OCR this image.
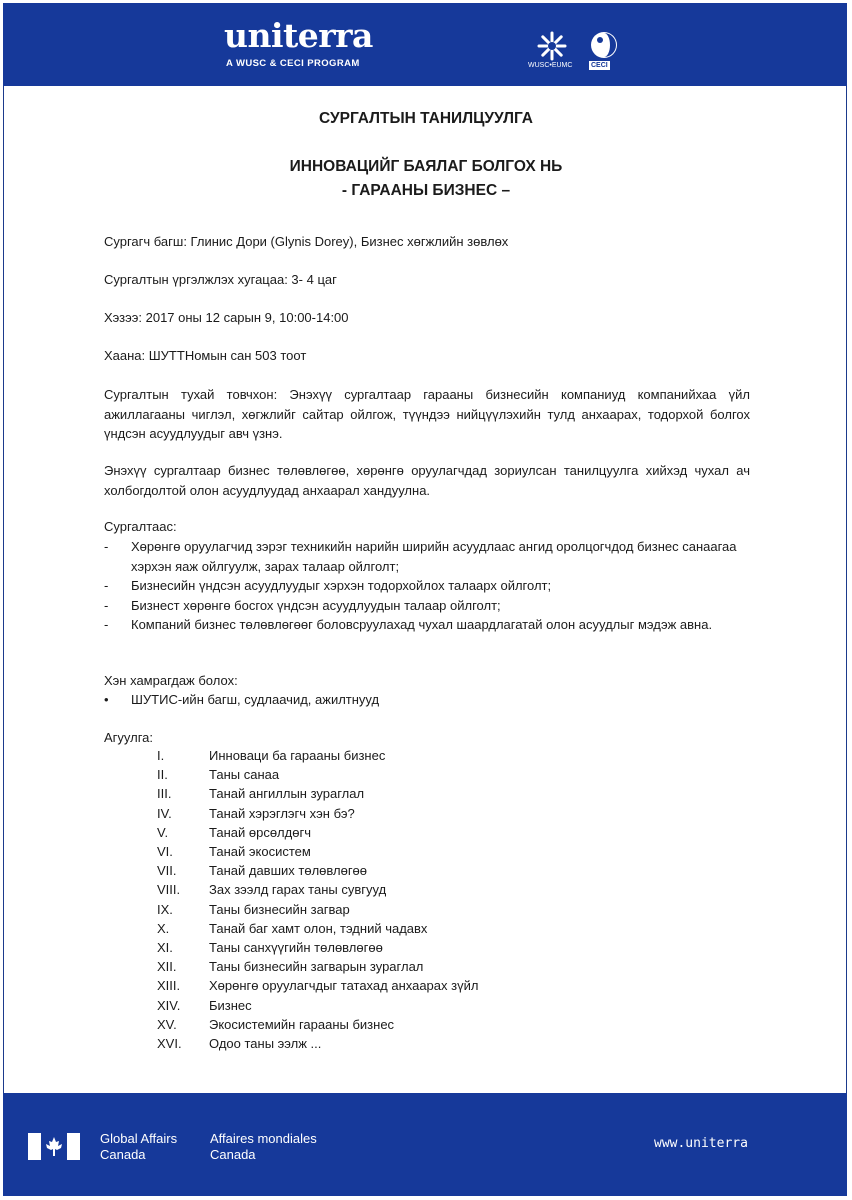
uniterra
A WUSC & CECI PROGRAM	WUSC•EUMC	CECI
СУРГАЛТЫН ТАНИЛЦУУЛГА
ИННОВАЦИЙГ БАЯЛАГ БОЛГОХ НЬ
- ГАРААНЫ БИЗНЕС –
Сургагч багш: Глинис Дори (Glynis Dorey), Бизнес хөгжлийн зөвлөх
Сургалтын үргэлжлэх хугацаа: 3- 4 цаг
Хэзээ: 2017 оны 12 сарын 9, 10:00-14:00
Хаана: ШУТТНомын сан 503 тоот
Сургалтын тухай товчхон: Энэхүү сургалтаар гарааны бизнесийн компаниуд компанийхаа үйл ажиллагааны чиглэл, хөгжлийг сайтар ойлгож, түүндээ нийцүүлэхийн тулд анхаарах, тодорхой болгох үндсэн асуудлуудыг авч үзнэ.
Энэхүү сургалтаар бизнес төлөвлөгөө, хөрөнгө оруулагчдад зориулсан танилцуулга хийхэд чухал ач холбогдолтой олон асуудлуудад анхаарал хандуулна.
Сургалтаас:
-	Хөрөнгө оруулагчид зэрэг техникийн нарийн ширийн асуудлаас ангид оролцогчдод бизнес санаагаа хэрхэн яаж ойлгуулж, зарах талаар ойлголт;
-	Бизнесийн үндсэн асуудлуудыг хэрхэн тодорхойлох талаарх ойлголт;
-	Бизнест хөрөнгө босгох үндсэн асуудлуудын талаар ойлголт;
-	Компаний бизнес төлөвлөгөөг боловсруулахад чухал шаардлагатай олон асуудлыг мэдэж авна.
Хэн хамрагдаж болох:
•	ШУТИС-ийн багш, судлаачид, ажилтнууд
Агуулга:
I.	Инноваци ба гарааны бизнес
II.	Таны санаа
III.	Танай ангиллын зураглал
IV.	Танай хэрэглэгч хэн бэ?
V.	Танай өрсөлдөгч
VI.	Танай экосистем
VII.	Танай давших төлөвлөгөө
VIII.	Зах зээлд гарах таны сувгууд
IX.	Таны бизнесийн загвар
X.	Танай баг хамт олон, тэдний чадавх
XI.	Таны санхүүгийн төлөвлөгөө
XII.	Таны бизнесийн загварын зураглал
XIII.	Хөрөнгө оруулагчдыг татахад анхаарах зүйл
XIV.	Бизнес
XV.	Экосистемийн гарааны бизнес
XVI.	Одоо таны ээлж ...
Global Affairs
Canada
Affaires mondiales
Canada
www.uniterra
